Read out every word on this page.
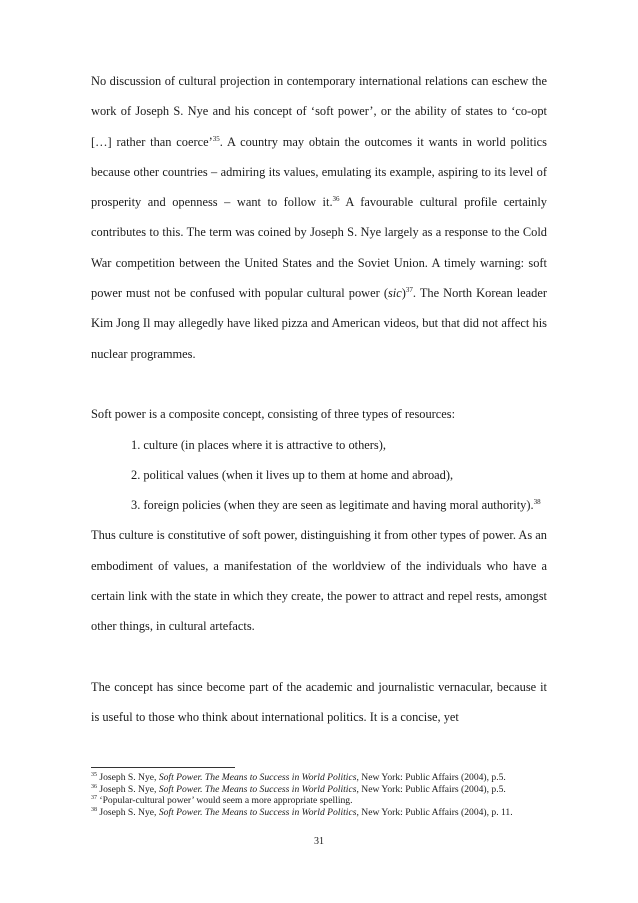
No discussion of cultural projection in contemporary international relations can eschew the work of Joseph S. Nye and his concept of ‘soft power’, or the ability of states to ‘co-opt […] rather than coerce’$^{35}$. A country may obtain the outcomes it wants in world politics because other countries – admiring its values, emulating its example, aspiring to its level of prosperity and openness – want to follow it.$^{36}$ A favourable cultural profile certainly contributes to this. The term was coined by Joseph S. Nye largely as a response to the Cold War competition between the United States and the Soviet Union. A timely warning: soft power must not be confused with popular cultural power (sic)$^{37}$. The North Korean leader Kim Jong Il may allegedly have liked pizza and American videos, but that did not affect his nuclear programmes.

Soft power is a composite concept, consisting of three types of resources:

1. culture (in places where it is attractive to others),
2. political values (when it lives up to them at home and abroad),
3. foreign policies (when they are seen as legitimate and having moral authority).$^{38}$

Thus culture is constitutive of soft power, distinguishing it from other types of power. As an embodiment of values, a manifestation of the worldview of the individuals who have a certain link with the state in which they create, the power to attract and repel rests, amongst other things, in cultural artefacts.

The concept has since become part of the academic and journalistic vernacular, because it is useful to those who think about international politics. It is a concise, yet

$^{35}$ Joseph S. Nye, Soft Power. The Means to Success in World Politics, New York: Public Affairs (2004), p.5.
$^{36}$ Joseph S. Nye, Soft Power. The Means to Success in World Politics, New York: Public Affairs (2004), p.5.
$^{37}$ ‘Popular-cultural power’ would seem a more appropriate spelling.
$^{38}$ Joseph S. Nye, Soft Power. The Means to Success in World Politics, New York: Public Affairs (2004), p. 11.
31
